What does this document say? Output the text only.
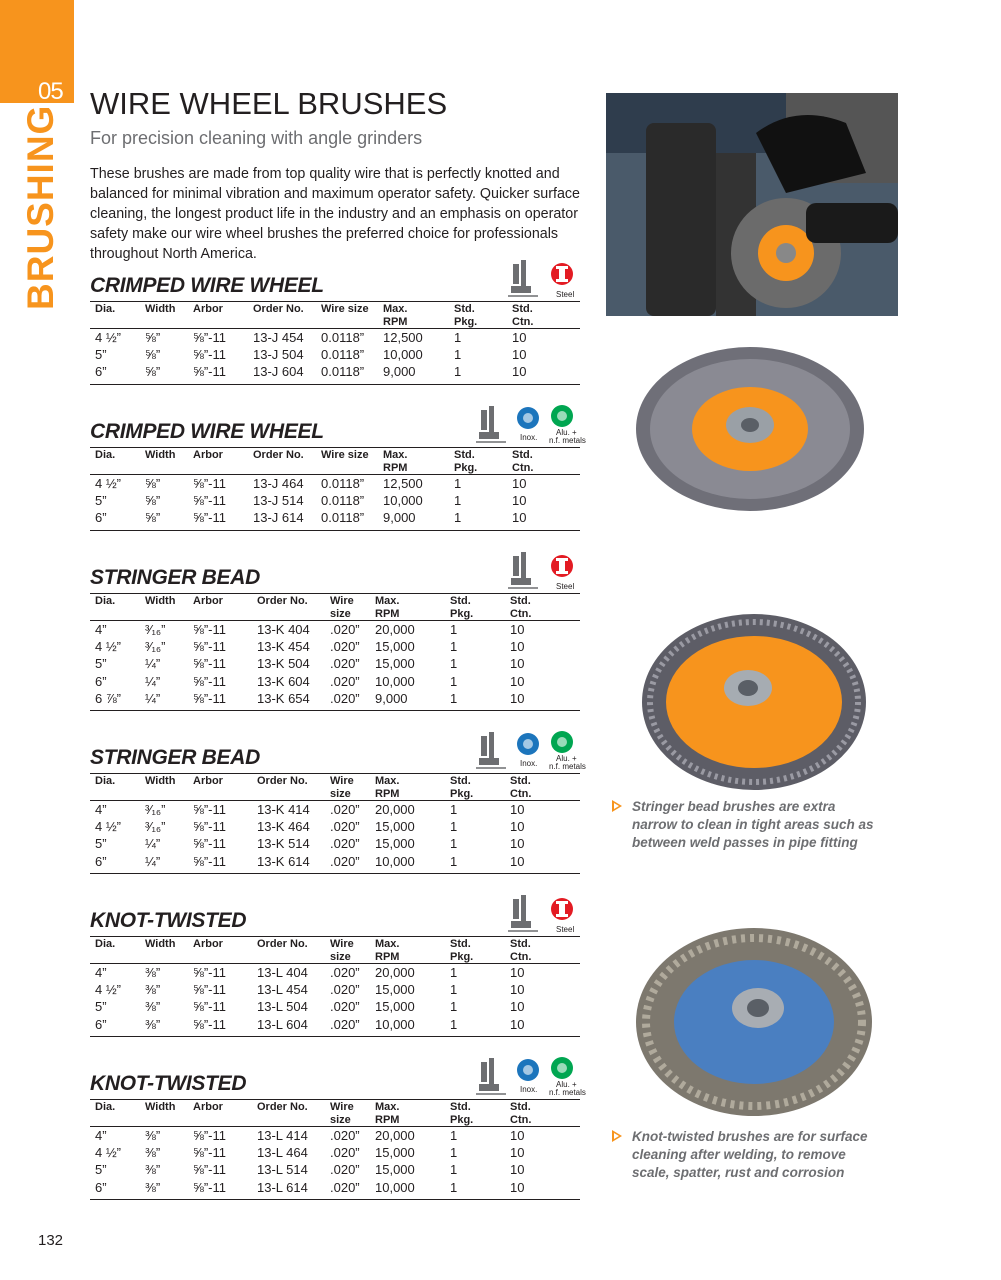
05
BRUSHING
WIRE WHEEL BRUSHES
For precision cleaning with angle grinders
These brushes are made from top quality wire that is perfectly knotted and balanced for minimal vibration and maximum operator safety. Quicker surface cleaning, the longest product life in the industry and an emphasis on operator safety make our wire wheel brushes the preferred choice for professionals throughout North America.
CRIMPED WIRE WHEEL	Steel
Dia.	Width Arbor	Order No. Wire size Max.
RPM
Std.
Pkg.
Std.
Ctn.
4 ½” ⅝”	⅝”-11 13-J 454 0.0118” 12,500 1	10
5”	⅝”	⅝”-11 13-J 504 0.0118” 10,000 1	10
6”	⅝”	⅝”-11 13-J 604 0.0118” 9,000	1	10
CRIMPED WIRE WHEEL	Inox.
Alu. +
n.f. metals
Dia.	Width Arbor	Order No. Wire size Max.
RPM
Std.
Pkg.
Std.
Ctn.
4 ½” ⅝”	⅝”-11 13-J 464 0.0118” 12,500 1	10
5”	⅝”	⅝”-11 13-J 514 0.0118” 10,000 1	10
6”	⅝”	⅝”-11 13-J 614 0.0118” 9,000	1	10
STRINGER BEAD	Steel
Dia.	Width Arbor	Order No. Wire
size
Max.
RPM
Std.
Pkg.
Std.
Ctn.
4”	³⁄₁₆” ⅝”-11 13-K 404 .020” 20,000	1	10
4 ½” ³⁄₁₆” ⅝”-11 13-K 454 .020” 15,000	1	10
5”	¼”	⅝”-11 13-K 504 .020” 15,000	1	10
6”	¼”	⅝”-11 13-K 604 .020” 10,000	1	10
6 ⅞” ¼”	⅝”-11 13-K 654 .020” 9,000	1	10
STRINGER BEAD	Inox.
Alu. +
n.f. metals
Dia.	Width Arbor	Order No. Wire
size
Max.
RPM
Std.
Pkg.
Std.
Ctn.
4”	³⁄₁₆” ⅝”-11 13-K 414 .020” 20,000	1	10
4 ½” ³⁄₁₆” ⅝”-11 13-K 464 .020” 15,000	1	10
5”	¼”	⅝”-11 13-K 514 .020” 15,000	1	10
6”	¼”	⅝”-11 13-K 614 .020” 10,000	1	10
KNOT-TWISTED	Steel
Dia.	Width Arbor	Order No. Wire
size
Max.
RPM
Std.
Pkg.
Std.
Ctn.
4”	⅜”	⅝”-11 13-L 404 .020” 20,000	1	10
4 ½” ⅜”	⅝”-11 13-L 454 .020” 15,000	1	10
5”	⅜”	⅝”-11 13-L 504 .020” 15,000	1	10
6”	⅜”	⅝”-11 13-L 604 .020” 10,000	1	10
KNOT-TWISTED	Inox.
Alu. +
n.f. metals
Dia.	Width Arbor	Order No. Wire
size
Max.
RPM
Std.
Pkg.
Std.
Ctn.
4”	⅜”	⅝”-11 13-L 414 .020” 20,000	1	10
4 ½” ⅜”	⅝”-11 13-L 464 .020” 15,000	1	10
5”	⅜”	⅝”-11 13-L 514 .020” 15,000	1	10
6”	⅜”	⅝”-11 13-L 614 .020” 10,000	1	10
Stringer bead brushes are extra narrow to clean in tight areas such as between weld passes in pipe fitting
Knot-twisted brushes are for surface cleaning after welding, to remove scale, spatter, rust and corrosion
132
